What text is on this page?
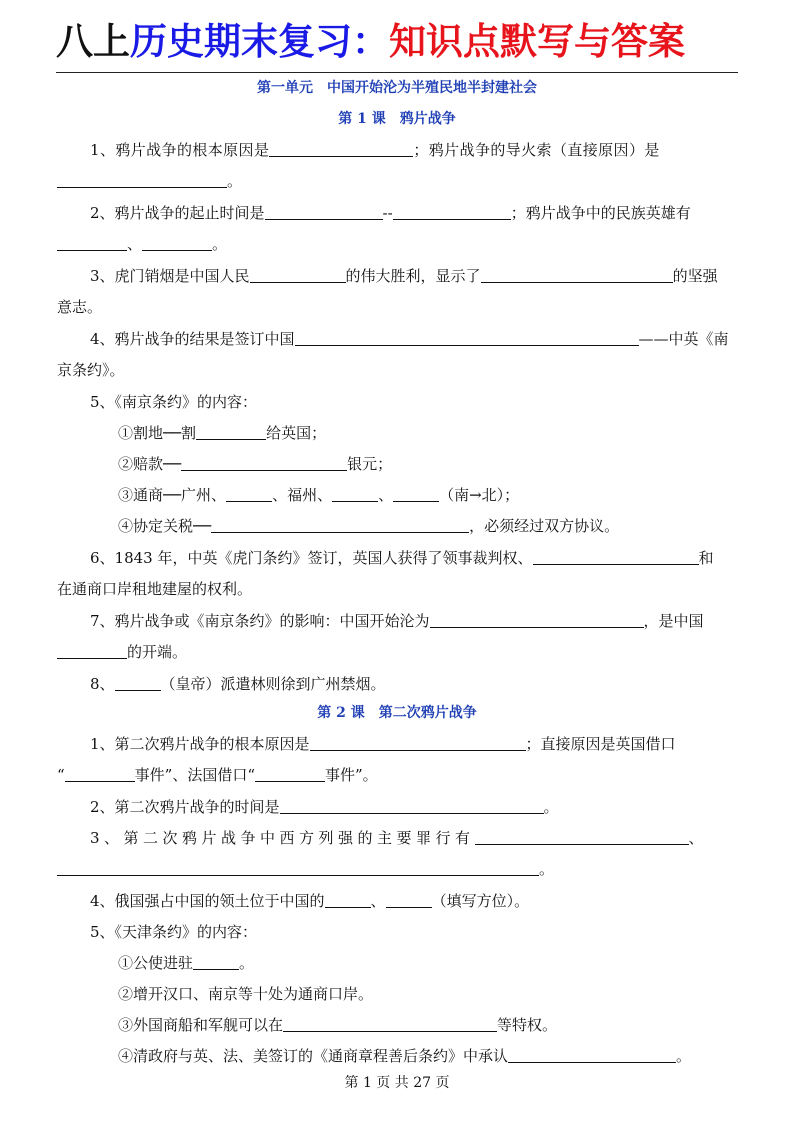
八上历史期末复习：知识点默写与答案
第一单元　中国开始沦为半殖民地半封建社会
第 1 课　鸦片战争
1、鸦片战争的根本原因是	；鸦片战争的导火索（直接原因）是
。
2、鸦片战争的起止时间是	--	；鸦片战争中的民族英雄有
、	。
3、虎门销烟是中国人民	的伟大胜利，显示了	的坚强
意志。
4、鸦片战争的结果是签订中国	——中英《南
京条约》。
5、《南京条约》的内容：
①割地──割	给英国；
②赔款──	银元；
③通商──广州、	、福州、	、	（南→北）；
④协定关税──	，必须经过双方协议。
6、1843 年，中英《虎门条约》签订，英国人获得了领事裁判权、	和
在通商口岸租地建屋的权利。
7、鸦片战争或《南京条约》的影响：中国开始沦为	，是中国
的开端。
8、	（皇帝）派遣林则徐到广州禁烟。
第 2 课　第二次鸦片战争
1、第二次鸦片战争的根本原因是	；直接原因是英国借口
“	事件”、法国借口“	事件”。
2、第二次鸦片战争的时间是	。
3、第二次鸦片战争中西方列强的主要罪行有	、
。
4、俄国强占中国的领土位于中国的	、	（填写方位）。
5、《天津条约》的内容：
①公使进驻	。
②增开汉口、南京等十处为通商口岸。
③外国商船和军舰可以在	等特权。
④清政府与英、法、美签订的《通商章程善后条约》中承认	。
第 1 页 共 27 页
